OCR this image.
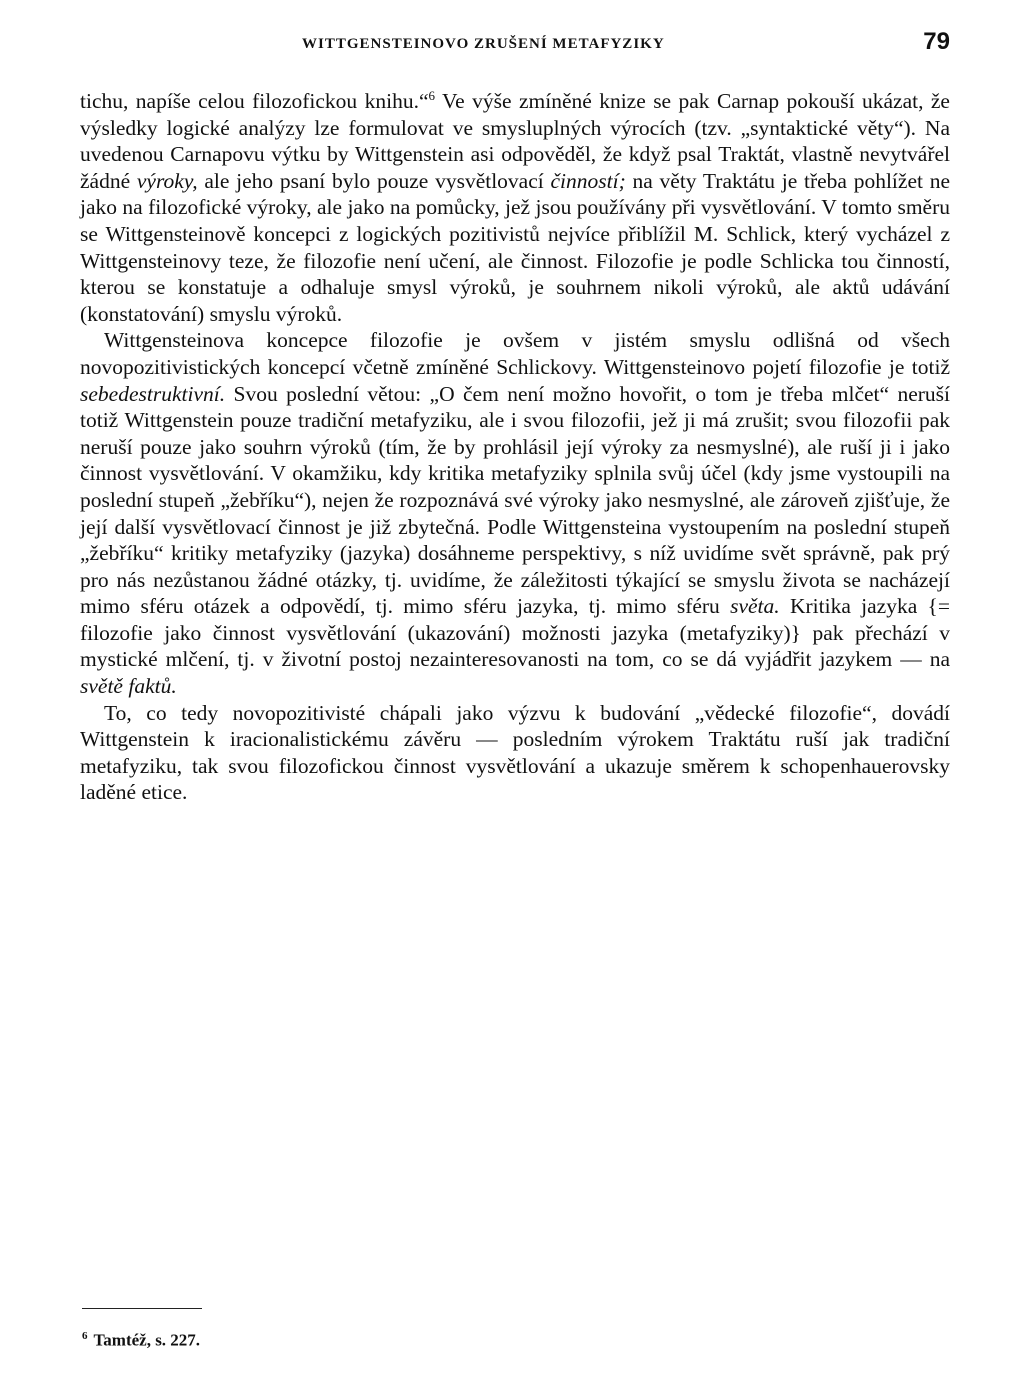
WITTGENSTEINOVO ZRUŠENÍ METAFYZIKY	79

tichu, napíše celou filozofickou knihu.“$^6$ Ve výše zmíněné knize se pak Carnap pokouší ukázat, že výsledky logické analýzy lze formulovat ve smysluplných výrocích (tzv. „syntaktické věty“). Na uvedenou Carnapovu výtku by Wittgenstein asi odpověděl, že když psal Traktát, vlastně nevytvářel žádné výroky, ale jeho psaní bylo pouze vysvětlovací činností; na věty Traktátu je třeba pohlížet ne jako na filozofické výroky, ale jako na pomůcky, jež jsou používány při vysvětlování. V tomto směru se Wittgensteinově koncepci z logických pozitivistů nejvíce přiblížil M. Schlick, který vycházel z Wittgensteinovy teze, že filozofie není učení, ale činnost. Filozofie je podle Schlicka tou činností, kterou se konstatuje a odhaluje smysl výroků, je souhrnem nikoli výroků, ale aktů udávání (konstatování) smyslu výroků.

Wittgensteinova koncepce filozofie je ovšem v jistém smyslu odlišná od všech novopozitivistických koncepcí včetně zmíněné Schlickovy. Wittgensteinovo pojetí filozofie je totiž sebedestruktivní. Svou poslední větou: „O čem není možno hovořit, o tom je třeba mlčet“ neruší totiž Wittgenstein pouze tradiční metafyziku, ale i svou filozofii, jež ji má zrušit; svou filozofii pak neruší pouze jako souhrn výroků (tím, že by prohlásil její výroky za nesmyslné), ale ruší ji i jako činnost vysvětlování. V okamžiku, kdy kritika metafyziky splnila svůj účel (kdy jsme vystoupili na poslední stupeň „žebříku“), nejen že rozpoznává své výroky jako nesmyslné, ale zároveň zjišťuje, že její další vysvětlovací činnost je již zbytečná. Podle Wittgensteina vystoupením na poslední stupeň „žebříku“ kritiky metafyziky (jazyka) dosáhneme perspektivy, s níž uvidíme svět správně, pak prý pro nás nezůstanou žádné otázky, tj. uvidíme, že záležitosti týkající se smyslu života se nacházejí mimo sféru otázek a odpovědí, tj. mimo sféru jazyka, tj. mimo sféru světa. Kritika jazyka {= filozofie jako činnost vysvětlování (ukazování) možnosti jazyka (metafyziky)} pak přechází v mystické mlčení, tj. v životní postoj nezainteresovanosti na tom, co se dá vyjádřit jazykem — na světě faktů.

To, co tedy novopozitivisté chápali jako výzvu k budování „vědecké filozofie“, dovádí Wittgenstein k iracionalistickému závěru — posledním výrokem Traktátu ruší jak tradiční metafyziku, tak svou filozofickou činnost vysvětlování a ukazuje směrem k schopenhauerovsky laděné etice.

$^6$ Tamtéž, s. 227.
